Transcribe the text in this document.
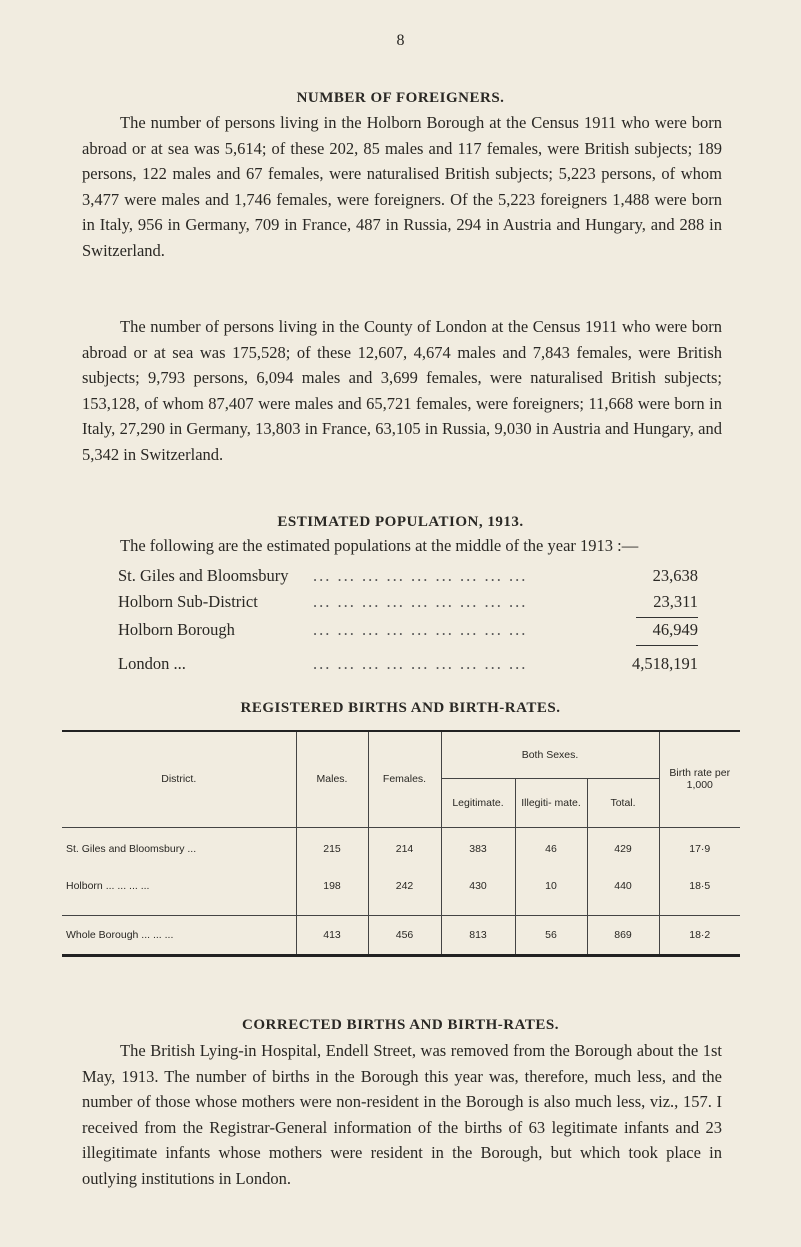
8
NUMBER OF FOREIGNERS.

The number of persons living in the Holborn Borough at the Census 1911 who were born abroad or at sea was 5,614; of these 202, 85 males and 117 females, were British subjects; 189 persons, 122 males and 67 females, were naturalised British subjects; 5,223 persons, of whom 3,477 were males and 1,746 females, were foreigners. Of the 5,223 foreigners 1,488 were born in Italy, 956 in Germany, 709 in France, 487 in Russia, 294 in Austria and Hungary, and 288 in Switzerland.

The number of persons living in the County of London at the Census 1911 who were born abroad or at sea was 175,528; of these 12,607, 4,674 males and 7,843 females, were British subjects; 9,793 persons, 6,094 males and 3,699 females, were naturalised British subjects; 153,128, of whom 87,407 were males and 65,721 females, were foreigners; 11,668 were born in Italy, 27,290 in Germany, 13,803 in France, 63,105 in Russia, 9,030 in Austria and Hungary, and 5,342 in Switzerland.

ESTIMATED POPULATION, 1913.

The following are the estimated populations at the middle of the year 1913 :—

St. Giles and Bloomsbury ... ... ... ... ... ... ... ... ...	23,638
Holborn Sub-District	... ... ... ... ... ... ... ... ...	23,311
Holborn Borough	... ... ... ... ... ... ... ... ...	46,949
London ...	... ... ... ... ... ... ... ... ...	4,518,191
REGISTERED BIRTHS AND BIRTH-RATES.
District.	Males.	Females.	Both Sexes.			Birth rate per 1,000
			Legitimate.	Illegiti- mate.	Total.	
St. Giles and Bloomsbury ...	215	214	383	46	429	17·9
Holborn ... ... ... ...	198	242	430	10	440	18·5

Whole Borough ... ... ...	413	456	813	56	869	18·2
CORRECTED BIRTHS AND BIRTH-RATES.

The British Lying-in Hospital, Endell Street, was removed from the Borough about the 1st May, 1913. The number of births in the Borough this year was, therefore, much less, and the number of those whose mothers were non-resident in the Borough is also much less, viz., 157. I received from the Registrar-General information of the births of 63 legitimate infants and 23 illegitimate infants whose mothers were resident in the Borough, but which took place in outlying institutions in London.
